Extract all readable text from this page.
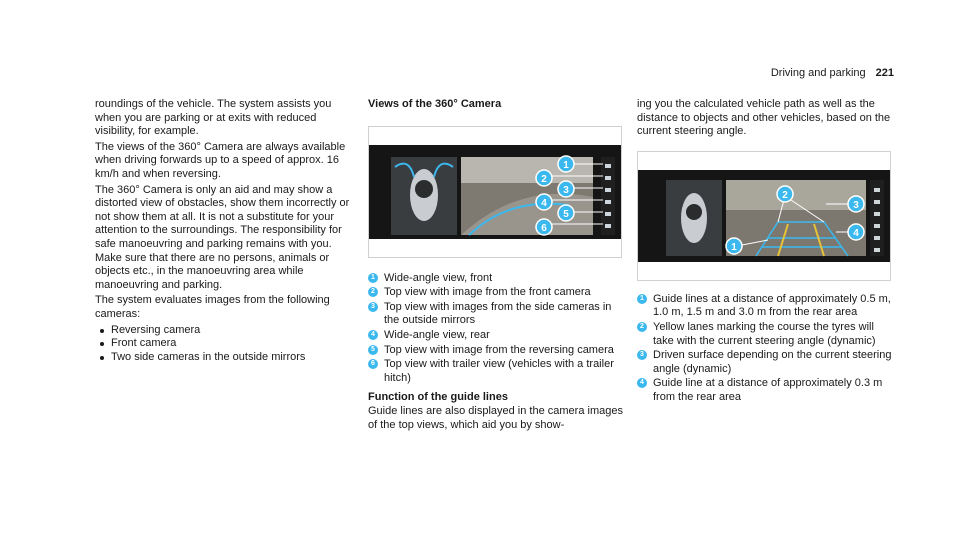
Driving and parking 221

roundings of the vehicle. The system assists you when you are parking or at exits with reduced visibility, for example.

The views of the 360° Camera are always available when driving forwards up to a speed of approx. 16 km/h and when reversing.

The 360° Camera is only an aid and may show a distorted view of obstacles, show them incorrectly or not show them at all. It is not a substitute for your attention to the surroundings. The responsibility for safe manoeuvring and parking remains with you. Make sure that there are no persons, animals or objects etc., in the manoeuvring area while manoeuvring and parking.

The system evaluates images from the following cameras:

Reversing camera
Front camera
Two side cameras in the outside mirrors
Views of the 360° Camera
1
2
3
4
5
6
1 Wide-angle view, front
2 Top view with image from the front camera
3 Top view with images from the side cameras in the outside mirrors
4 Wide-angle view, rear
5 Top view with image from the reversing camera
6 Top view with trailer view (vehicles with a trailer hitch)
Function of the guide lines

Guide lines are also displayed in the camera images of the top views, which aid you by show-

ing you the calculated vehicle path as well as the distance to objects and other vehicles, based on the current steering angle.

1
2
3
4
1 Guide lines at a distance of approximately 0.5 m, 1.0 m, 1.5 m and 3.0 m from the rear area
2 Yellow lanes marking the course the tyres will take with the current steering angle (dynamic)
3 Driven surface depending on the current steering angle (dynamic)
4 Guide line at a distance of approximately 0.3 m from the rear area
